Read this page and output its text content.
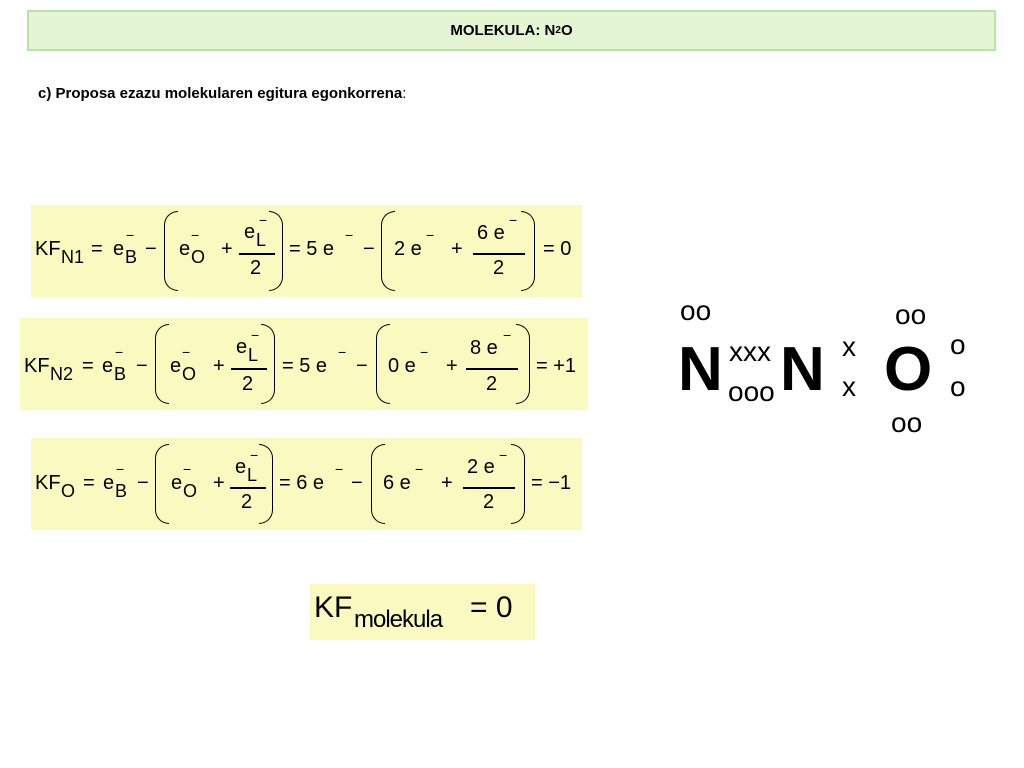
MOLEKULA: N 2 O
c) Proposa ezazu molekularen egitura egonkorrena:
KF N1 = e
−
B − e
−
O +
e
−
L
2
= 5 e
−
− 2 e
−
+
6 e
−
2
= 0
KF N2 = e
−
B − e
−
O +
e
−
L
2
= 5 e
−
− 0 e
−
+
8 e
−
2
= +1
KF O = e
−
B − e
−
O +
e
−
L
2
= 6 e
−
− 6 e
−
+
2 e
−
2
= −1
oo
N xxx
ooo N x
x
oo
O o
o
oo
KF molekula = 0
